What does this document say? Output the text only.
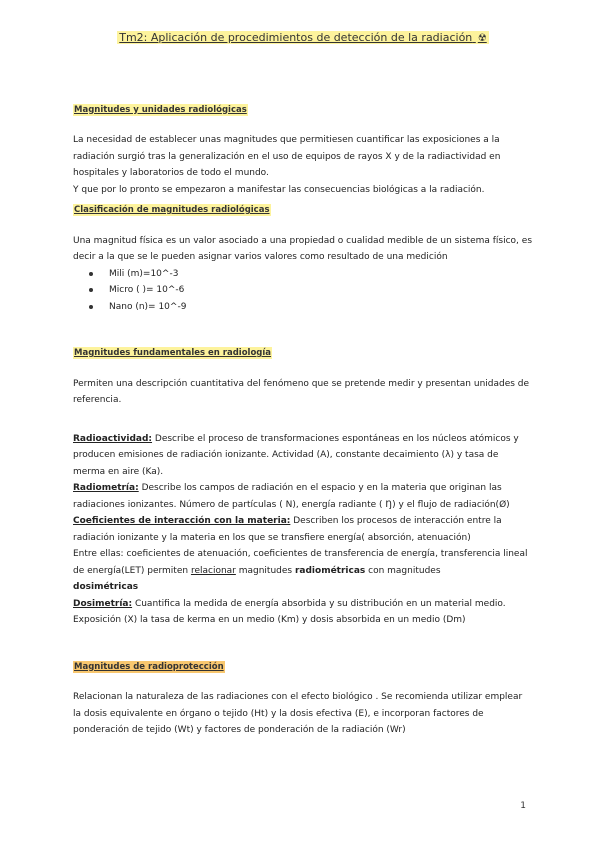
Tm2: Aplicación de procedimientos de detección de la radiación ☢
Magnitudes y unidades radiológicas

La necesidad de establecer unas magnitudes que permitiesen cuantificar las exposiciones a la radiación surgió tras la generalización en el uso de equipos de rayos X y de la radiactividad en hospitales y laboratorios de todo el mundo.

Y que por lo pronto se empezaron a manifestar las consecuencias biológicas a la radiación.

Clasificación de magnitudes radiológicas

Una magnitud física es un valor asociado a una propiedad o cualidad medible de un sistema físico, es decir a la que se le pueden asignar varios valores como resultado de una medición

Mili (m)=10^-3
Micro ( )= 10^-6
Nano (n)= 10^-9
Magnitudes fundamentales en radiología

Permiten una descripción cuantitativa del fenómeno que se pretende medir y presentan unidades de referencia.

Radioactividad: Describe el proceso de transformaciones espontáneas en los núcleos atómicos y producen emisiones de radiación ionizante. Actividad (A), constante decaimiento (λ) y tasa de merma en aire (Ka).

Radiometría: Describe los campos de radiación en el espacio y en la materia que originan las radiaciones ionizantes. Número de partículas ( N), energía radiante ( Ŋ) y el flujo de radiación(Ø)

Coeficientes de interacción con la materia: Describen los procesos de interacción entre la radiación ionizante y la materia en los que se transfiere energía( absorción, atenuación)

Entre ellas: coeficientes de atenuación, coeficientes de transferencia de energía, transferencia lineal de energía(LET) permiten relacionar magnitudes radiométricas con magnitudes
dosimétricas

Dosimetría: Cuantifica la medida de energía absorbida y su distribución en un material medio. Exposición (X) la tasa de kerma en un medio (Km) y dosis absorbida en un medio (Dm)

Magnitudes de radioprotección

Relacionan la naturaleza de las radiaciones con el efecto biológico . Se recomienda utilizar emplear la dosis equivalente en órgano o tejido (Ht) y la dosis efectiva (E), e incorporan factores de ponderación de tejido (Wt) y factores de ponderación de la radiación (Wr)

1
